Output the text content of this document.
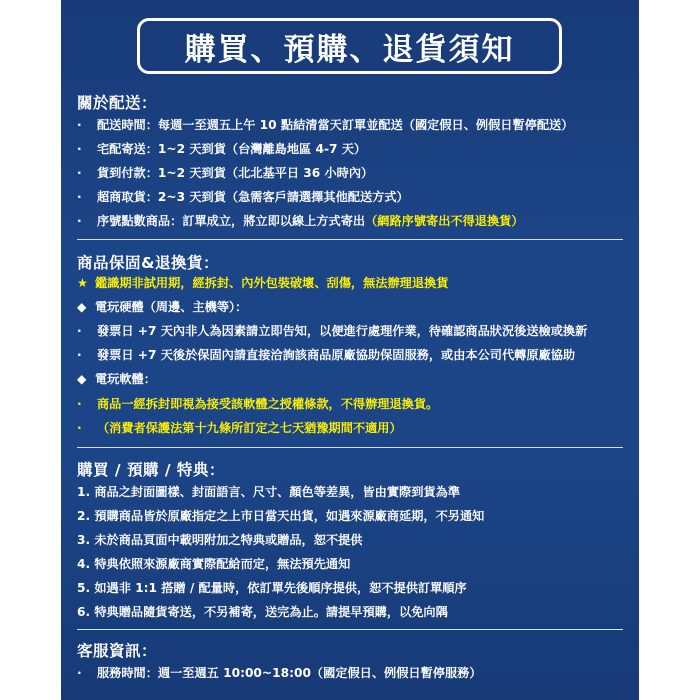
購買、預購、退貨須知
關於配送：
· 配送時間：每週一至週五上午 10 點結清當天訂單並配送（國定假日、例假日暫停配送）
· 宅配寄送：1~2 天到貨（台灣離島地區 4-7 天）
· 貨到付款：1~2 天到貨（北北基平日 36 小時內）
· 超商取貨：2~3 天到貨（急需客戶請選擇其他配送方式）
· 序號點數商品：訂單成立，將立即以線上方式寄出（網路序號寄出不得退換貨）
商品保固&退換貨：
★ 鑑識期非試用期，經拆封、內外包裝破壞、刮傷，無法辦理退換貨
◆ 電玩硬體（周邊、主機等）：
· 發票日 +7 天內非人為因素請立即告知，以便進行處理作業，待確認商品狀況後送檢或換新
· 發票日 +7 天後於保固內請直接洽詢該商品原廠協助保固服務，或由本公司代轉原廠協助
◆ 電玩軟體：
· 商品一經拆封即視為接受該軟體之授權條款，不得辦理退換貨。
· （消費者保護法第十九條所訂定之七天猶豫期間不適用）
購買 / 預購 / 特典：
1. 商品之封面圖樣、封面語言、尺寸、顏色等差異，皆由實際到貨為準
2. 預購商品皆於原廠指定之上市日當天出貨，如遇來源廠商延期，不另通知
3. 未於商品頁面中載明附加之特典或贈品，恕不提供
4. 特典依照來源廠商實際配給而定，無法預先通知
5. 如遇非 1:1 搭贈 / 配量時，依訂單先後順序提供，恕不提供訂單順序
6. 特典贈品隨貨寄送，不另補寄，送完為止。請提早預購，以免向隅
客服資訊：
· 服務時間：週一至週五 10:00~18:00（國定假日、例假日暫停服務）
